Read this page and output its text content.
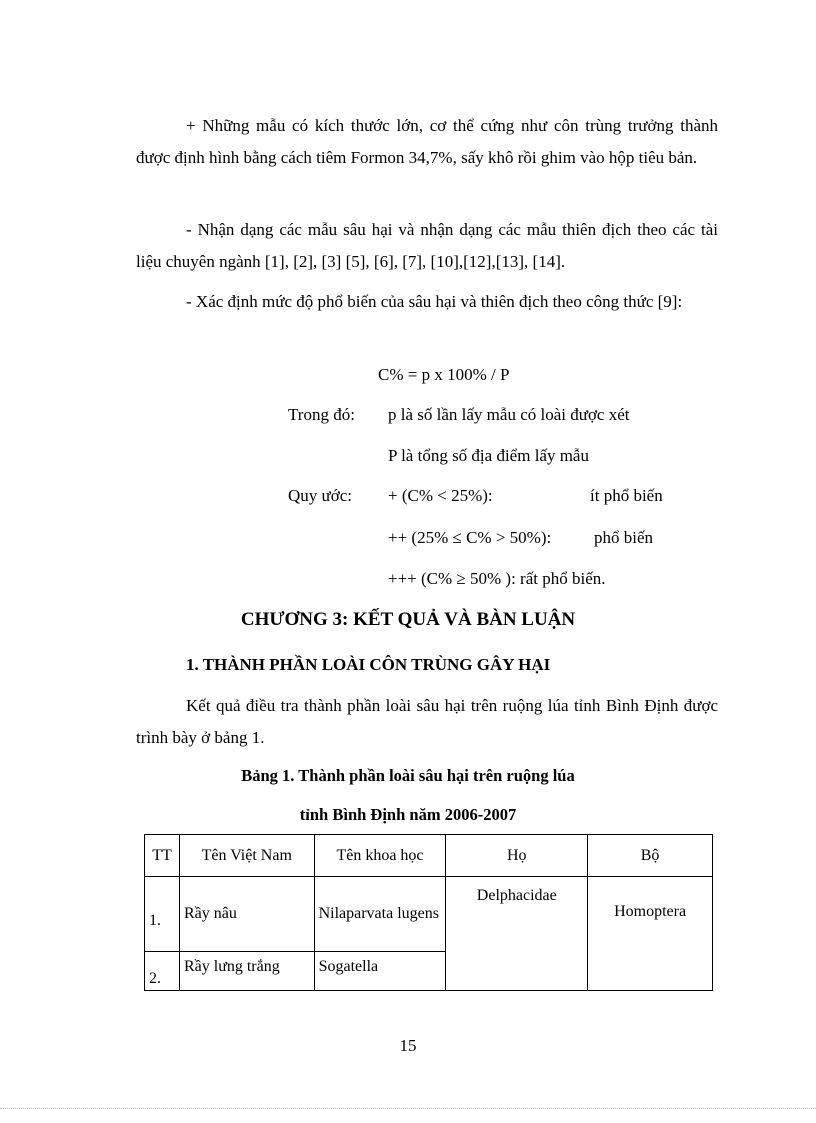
+ Những mẫu có kích thước lớn, cơ thể cứng như côn trùng trưởng thành được định hình bằng cách tiêm Formon 34,7%, sấy khô rồi ghim vào hộp tiêu bản.
- Nhận dạng các mẫu sâu hại và nhận dạng các mẫu thiên địch theo các tài liệu chuyên ngành [1], [2], [3] [5], [6], [7], [10],[12],[13], [14].
- Xác định mức độ phổ biến của sâu hại và thiên địch theo công thức [9]:
C% = p x 100% / P
Trong đó: p là số lần lấy mẫu có loài được xét
P là tổng số địa điểm lấy mẫu
Quy ước: + (C% < 25%):	ít phổ biến
++ (25% ≤ C% > 50%):	phổ biến
+++ (C% ≥ 50% ): rất phổ biến.
CHƯƠNG 3: KẾT QUẢ VÀ BÀN LUẬN
1. THÀNH PHẦN LOÀI CÔN TRÙNG GÂY HẠI
Kết quả điều tra thành phần loài sâu hại trên ruộng lúa tỉnh Bình Định được trình bày ở bảng 1.
Bảng 1. Thành phần loài sâu hại trên ruộng lúa
tỉnh Bình Định năm 2006-2007
TT	Tên Việt Nam	Tên khoa học	Họ	Bộ
1.	Rầy nâu	Nilaparvata lugens	Delphacidae	Homoptera
2.	Rầy lưng trắng	Sogatella		
15
